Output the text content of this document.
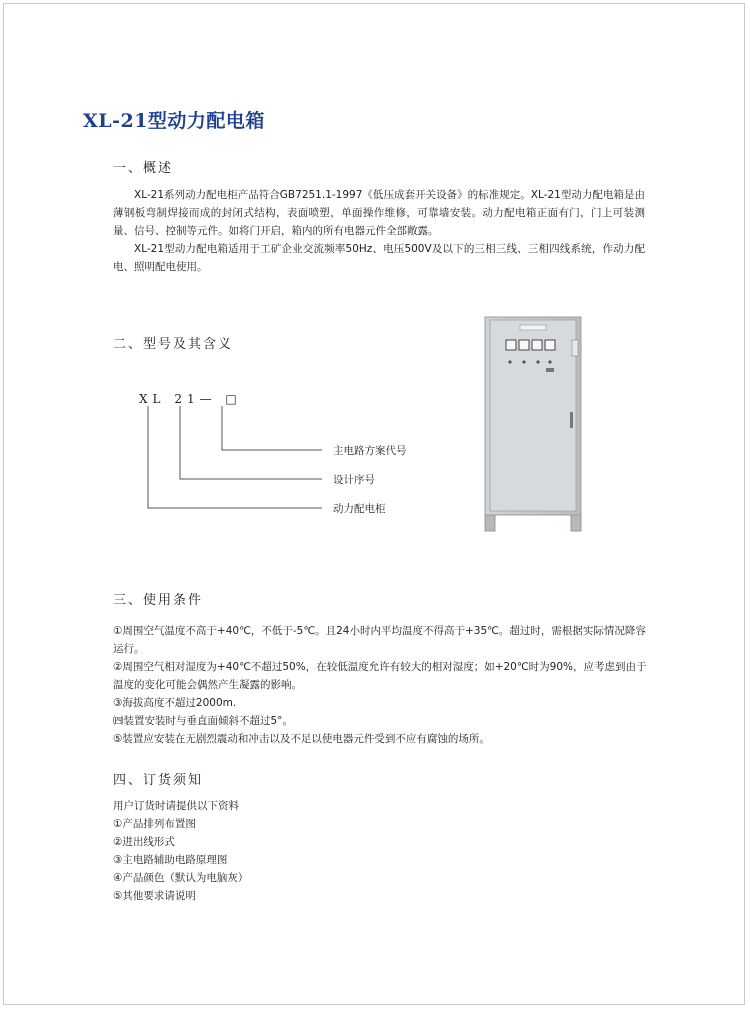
XL-21型动力配电箱
一、概述

XL-21系列动力配电柜产品符合GB7251.1-1997《低压成套开关设备》的标准规定。XL-21型动力配电箱是由薄钢板弯制焊接而成的封闭式结构，表面喷塑，单面操作维修，可靠墙安装。动力配电箱正面有门，门上可装测量、信号、控制等元件。如将门开启，箱内的所有电器元件全部敞露。

XL-21型动力配电箱适用于工矿企业交流频率50Hz、电压500V及以下的三相三线、三相四线系统，作动力配电、照明配电使用。

二、型号及其含义
XL 21— □
主电路方案代号
设计序号
动力配电柜
三、使用条件
①周围空气温度不高于+40℃，不低于-5℃。且24小时内平均温度不得高于+35℃。超过时，需根据实际情况降容运行。
②周围空气相对湿度为+40℃不超过50%，在较低温度允许有较大的相对湿度；如+20℃时为90%，应考虑到由于温度的变化可能会偶然产生凝露的影响。
③海拔高度不超过2000m.
㈣装置安装时与垂直面倾斜不超过5°。
⑤装置应安装在无剧烈震动和冲击以及不足以使电器元件受到不应有腐蚀的场所。
四、订货须知
用户订货时请提供以下资料
①产品排列布置图
②进出线形式
③主电路辅助电路原理图
④产品颜色（默认为电脑灰）
⑤其他要求请说明
